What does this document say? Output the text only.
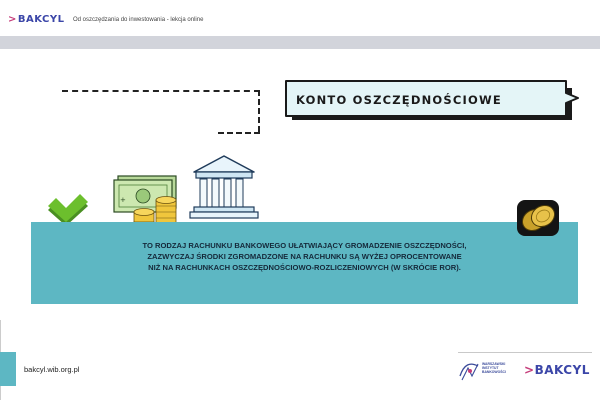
>BAKCYL Od oszczędzania do inwestowania - lekcja online
KONTO OSZCZĘDNOŚCIOWE
+
TO RODZAJ RACHUNKU BANKOWEGO UŁATWIAJĄCY GROMADZENIE OSZCZĘDNOŚCI,
ZAZWYCZAJ ŚRODKI ZGROMADZONE NA RACHUNKU SĄ WYŻEJ OPROCENTOWANE
NIŻ NA RACHUNKACH OSZCZĘDNOŚCIOWO-ROZLICZENIOWYCH (W SKRÓCIE ROR).
bakcyl.wib.org.pl
WARSZAWSKI INSTYTUT BANKOWOŚCI	>BAKCYL
